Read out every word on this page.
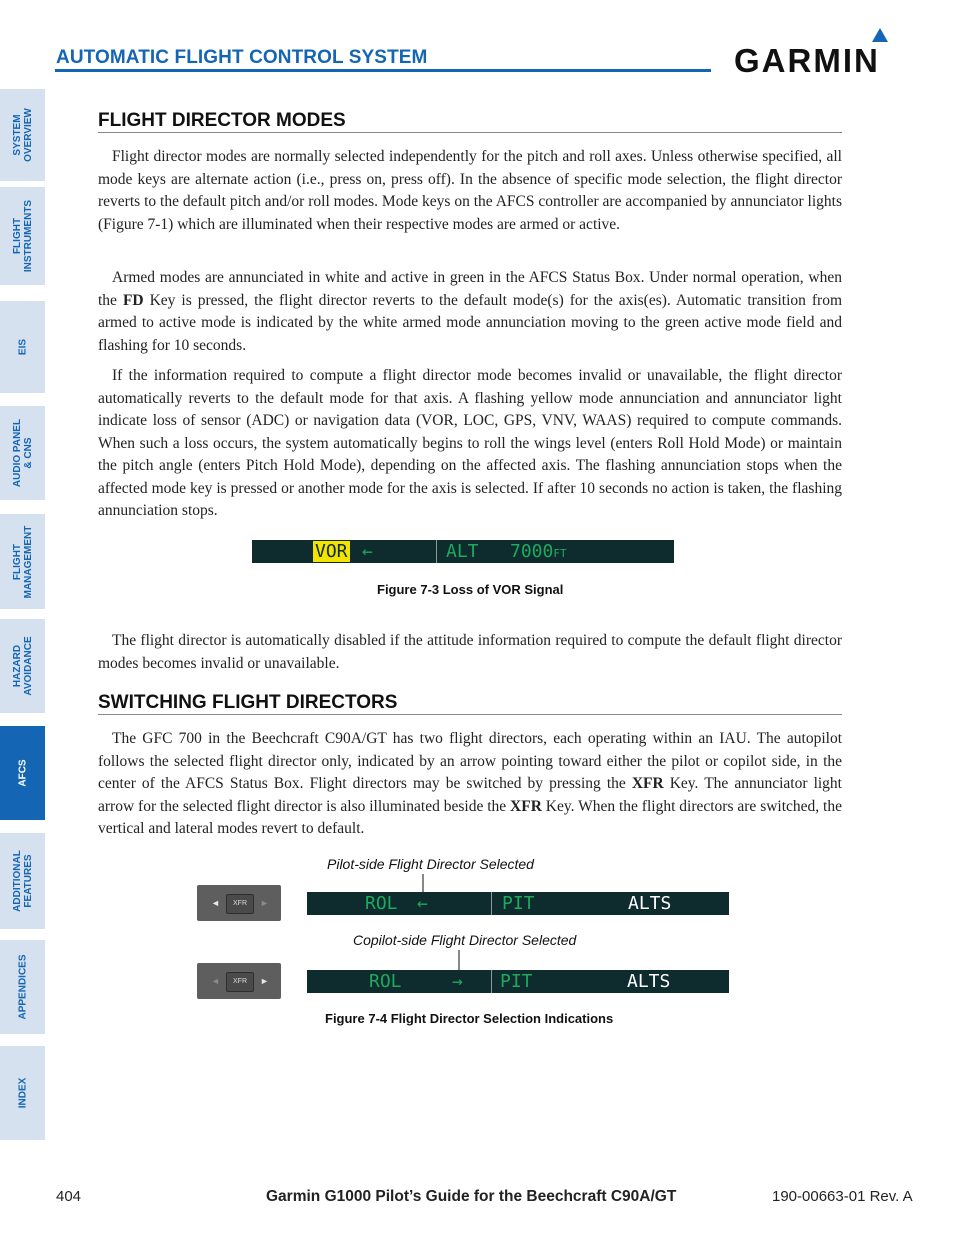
AUTOMATIC FLIGHT CONTROL SYSTEM	GARMIN
SYSTEM
OVERVIEW
FLIGHT
INSTRUMENTS
EIS
AUDIO PANEL
& CNS
FLIGHT
MANAGEMENT
HAZARD
AVOIDANCE
AFCS
ADDITIONAL
FEATURES
APPENDICES
INDEX
FLIGHT DIRECTOR MODES

Flight director modes are normally selected independently for the pitch and roll axes. Unless otherwise specified, all mode keys are alternate action (i.e., press on, press off). In the absence of specific mode selection, the flight director reverts to the default pitch and/or roll modes. Mode keys on the AFCS controller are accompanied by annunciator lights (Figure 7-1) which are illuminated when their respective modes are armed or active.

Armed modes are annunciated in white and active in green in the AFCS Status Box. Under normal operation, when the FD Key is pressed, the flight director reverts to the default mode(s) for the axis(es). Automatic transition from armed to active mode is indicated by the white armed mode annunciation moving to the green active mode field and flashing for 10 seconds.

If the information required to compute a flight director mode becomes invalid or unavailable, the flight director automatically reverts to the default mode for that axis. A flashing yellow mode annunciation and annunciator light indicate loss of sensor (ADC) or navigation data (VOR, LOC, GPS, VNV, WAAS) required to compute commands. When such a loss occurs, the system automatically begins to roll the wings level (enters Roll Hold Mode) or maintain the pitch angle (enters Pitch Hold Mode), depending on the affected axis. The flashing annunciation stops when the affected mode key is pressed or another mode for the axis is selected. If after 10 seconds no action is taken, the flashing annunciation stops.

VOR ←	ALT 7000FT
Figure 7-3 Loss of VOR Signal

The flight director is automatically disabled if the attitude information required to compute the default flight director modes becomes invalid or unavailable.

SWITCHING FLIGHT DIRECTORS

The GFC 700 in the Beechcraft C90A/GT has two flight directors, each operating within an IAU. The autopilot follows the selected flight director only, indicated by an arrow pointing toward either the pilot or copilot side, in the center of the AFCS Status Box. Flight directors may be switched by pressing the XFR Key. The annunciator light arrow for the selected flight director is also illuminated beside the XFR Key. When the flight directors are switched, the vertical and lateral modes revert to default.

Pilot-side Flight Director Selected
◄	XFR	►	ROL ←	PIT	ALTS
Copilot-side Flight Director Selected
◄	XFR	►	ROL	→ PIT	ALTS
Figure 7-4 Flight Director Selection Indications
404	Garmin G1000 Pilot’s Guide for the Beechcraft C90A/GT	190-00663-01 Rev. A
